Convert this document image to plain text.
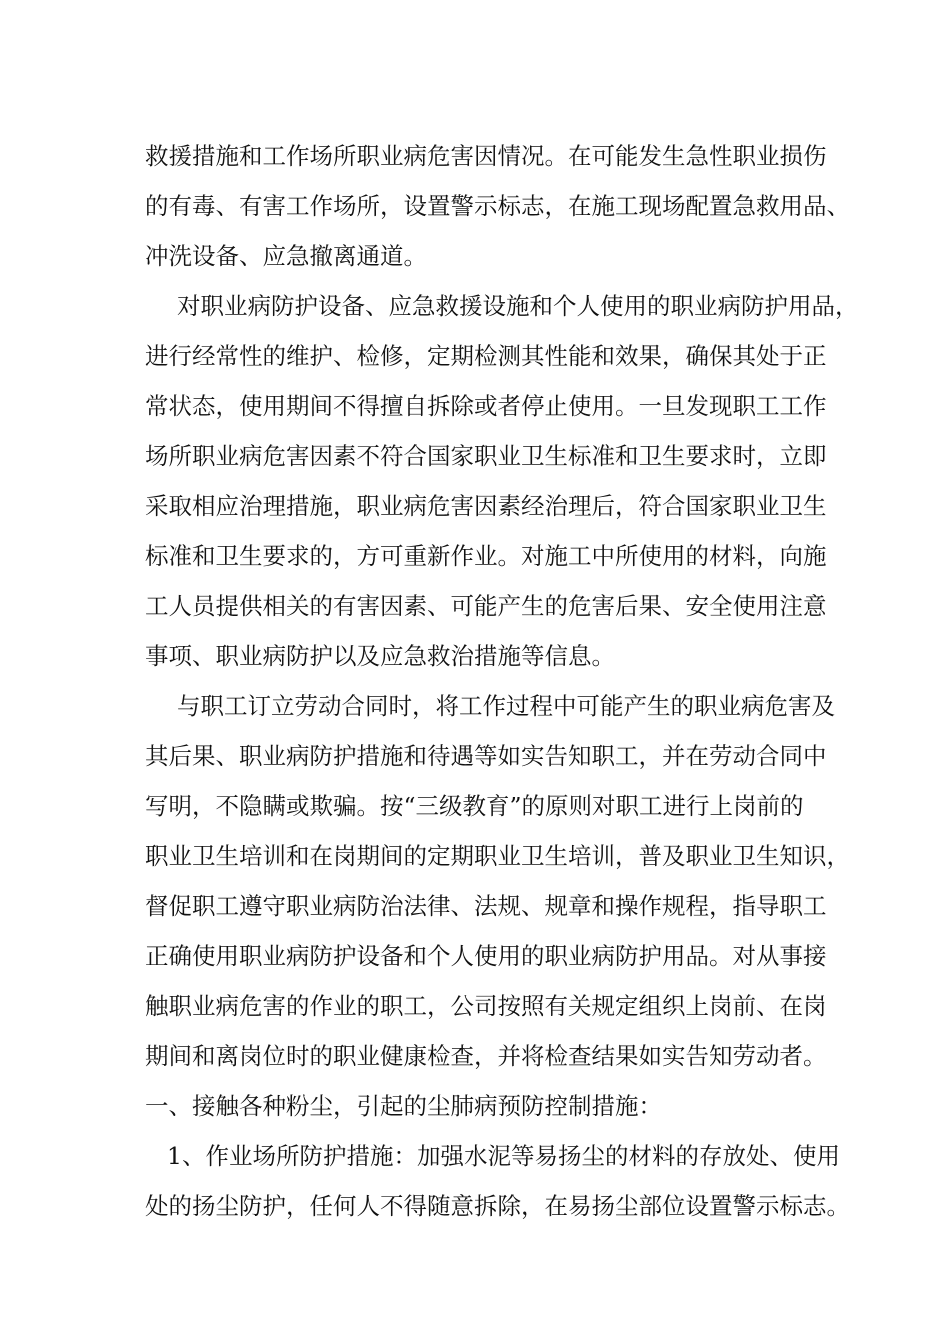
救援措施和工作场所职业病危害因情况。在可能发生急性职业损伤
的有毒、有害工作场所，设置警示标志，在施工现场配置急救用品、
冲洗设备、应急撤离通道。
对职业病防护设备、应急救援设施和个人使用的职业病防护用品，
进行经常性的维护、检修，定期检测其性能和效果，确保其处于正
常状态，使用期间不得擅自拆除或者停止使用。一旦发现职工工作
场所职业病危害因素不符合国家职业卫生标准和卫生要求时，立即
采取相应治理措施，职业病危害因素经治理后，符合国家职业卫生
标准和卫生要求的，方可重新作业。对施工中所使用的材料，向施
工人员提供相关的有害因素、可能产生的危害后果、安全使用注意
事项、职业病防护以及应急救治措施等信息。
与职工订立劳动合同时，将工作过程中可能产生的职业病危害及
其后果、职业病防护措施和待遇等如实告知职工，并在劳动合同中
写明，不隐瞒或欺骗。按“三级教育”的原则对职工进行上岗前的
职业卫生培训和在岗期间的定期职业卫生培训，普及职业卫生知识，
督促职工遵守职业病防治法律、法规、规章和操作规程，指导职工
正确使用职业病防护设备和个人使用的职业病防护用品。对从事接
触职业病危害的作业的职工，公司按照有关规定组织上岗前、在岗
期间和离岗位时的职业健康检查，并将检查结果如实告知劳动者。
一、接触各种粉尘，引起的尘肺病预防控制措施：
1、作业场所防护措施：加强水泥等易扬尘的材料的存放处、使用
处的扬尘防护，任何人不得随意拆除，在易扬尘部位设置警示标志。
